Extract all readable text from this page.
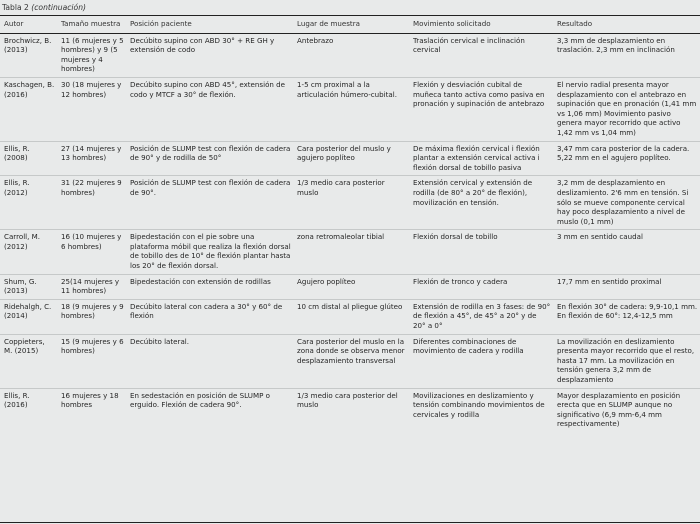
Tabla 2 (continuación)
Autor	Tamaño muestra	Posición paciente	Lugar de muestra	Movimiento solicitado	Resultado
Brochwicz, B. (2013)	11 (6 mujeres y 5 hombres) y 9 (5 mujeres y 4 hombres)	Decúbito supino con ABD 30° + RE GH y extensión de codo	Antebrazo	Traslación cervical e inclinación cervical	3,3 mm de desplazamiento en traslación. 2,3 mm en inclinación
Kaschagen, B. (2016)	30 (18 mujeres y 12 hombres)	Decúbito supino con ABD 45°, extensión de codo y MTCF a 30° de flexión.	1-5 cm proximal a la articulación húmero-cubital.	Flexión y desviación cubital de muñeca tanto activa como pasiva en pronación y supinación de antebrazo	El nervio radial presenta mayor desplazamiento con el antebrazo en supinación que en pronación (1,41 mm vs 1,06 mm) Movimiento pasivo genera mayor recorrido que activo 1,42 mm vs 1,04 mm)
Ellis, R. (2008)	27 (14 mujeres y 13 hombres)	Posición de SLUMP test con flexión de cadera de 90° y de rodilla de 50°	Cara posterior del muslo y agujero poplíteo	De máxima flexión cervical i flexión plantar a extensión cervical activa i flexión dorsal de tobillo pasiva	3,47 mm cara posterior de la cadera. 5,22 mm en el agujero poplíteo.
Ellis, R. (2012)	31 (22 mujeres 9 hombres)	Posición de SLUMP test con flexión de cadera de 90°.	1/3 medio cara posterior muslo	Extensión cervical y extensión de rodilla (de 80° a 20° de flexión), movilización en tensión.	3,2 mm de desplazamiento en deslizamiento. 2'6 mm en tensión. Si sólo se mueve componente cervical hay poco desplazamiento a nivel de muslo (0,1 mm)
Carroll, M. (2012)	16 (10 mujeres y 6 hombres)	Bipedestación con el pie sobre una plataforma móbil que realiza la flexión dorsal de tobillo des de 10° de flexión plantar hasta los 20° de flexión dorsal.	zona retromaleolar tibial	Flexión dorsal de tobillo	3 mm en sentido caudal
Shum, G. (2013)	25(14 mujeres y 11 hombres)	Bipedestación con extensión de rodillas	Agujero poplíteo	Flexión de tronco y cadera	17,7 mm en sentido proximal
Ridehalgh, C. (2014)	18 (9 mujeres y 9 hombres)	Decúbito lateral con cadera a 30° y 60° de flexión	10 cm distal al pliegue glúteo	Extensión de rodilla en 3 fases: de 90° de flexión a 45°, de 45° a 20° y de 20° a 0°	En flexión 30° de cadera: 9,9-10,1 mm. En flexión de 60°: 12,4-12,5 mm
Coppieters, M. (2015)	15 (9 mujeres y 6 hombres)	Decúbito lateral.	Cara posterior del muslo en la zona donde se observa menor desplazamiento transversal	Diferentes combinaciones de movimiento de cadera y rodilla	La movilización en deslizamiento presenta mayor recorrido que el resto, hasta 17 mm. La movilización en tensión genera 3,2 mm de desplazamiento
Ellis, R. (2016)	16 mujeres y 18 hombres	En sedestación en posición de SLUMP o erguido. Flexión de cadera 90°.	1/3 medio cara posterior del muslo	Movilizaciones en deslizamiento y tensión combinando movimientos de cervicales y rodilla	Mayor desplazamiento en posición erecta que en SLUMP aunque no significativo (6,9 mm-6,4 mm respectivamente)
